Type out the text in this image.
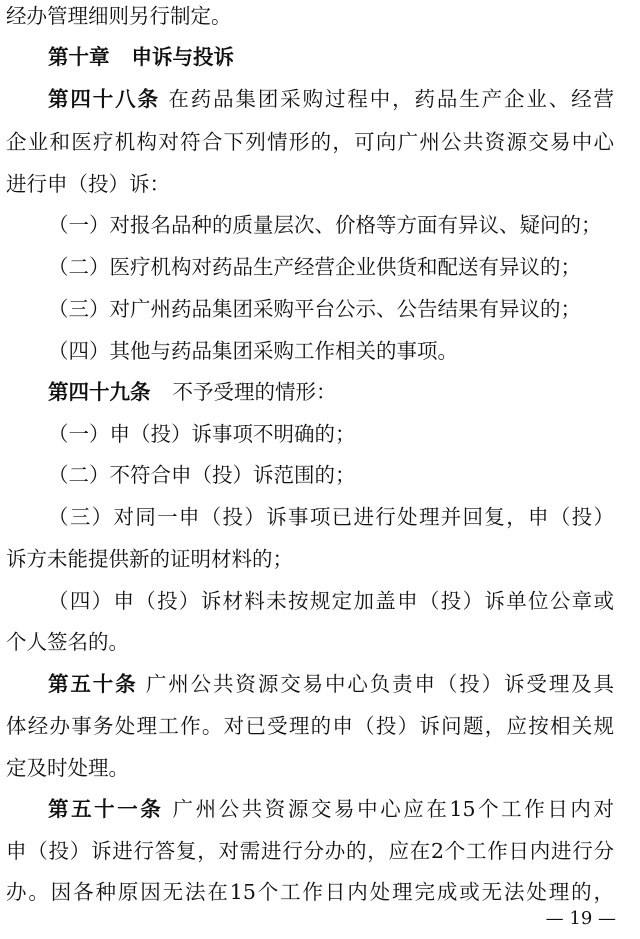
经办管理细则另行制定。
第十章 申诉与投诉
第四十八条 在药品集团采购过程中，药品生产企业、经营
企业和医疗机构对符合下列情形的，可向广州公共资源交易中心
进行申（投）诉：
（一）对报名品种的质量层次、价格等方面有异议、疑问的；
（二）医疗机构对药品生产经营企业供货和配送有异议的；
（三）对广州药品集团采购平台公示、公告结果有异议的；
（四）其他与药品集团采购工作相关的事项。
第四十九条 不予受理的情形：
（一）申（投）诉事项不明确的；
（二）不符合申（投）诉范围的；
（三）对同一申（投）诉事项已进行处理并回复，申（投）
诉方未能提供新的证明材料的；
（四）申（投）诉材料未按规定加盖申（投）诉单位公章或
个人签名的。
第五十条 广州公共资源交易中心负责申（投）诉受理及具
体经办事务处理工作。对已受理的申（投）诉问题，应按相关规
定及时处理。
第五十一条 广州公共资源交易中心应在15个工作日内对
申（投）诉进行答复，对需进行分办的，应在2个工作日内进行分
办。因各种原因无法在15个工作日内处理完成或无法处理的，
— 19 —
